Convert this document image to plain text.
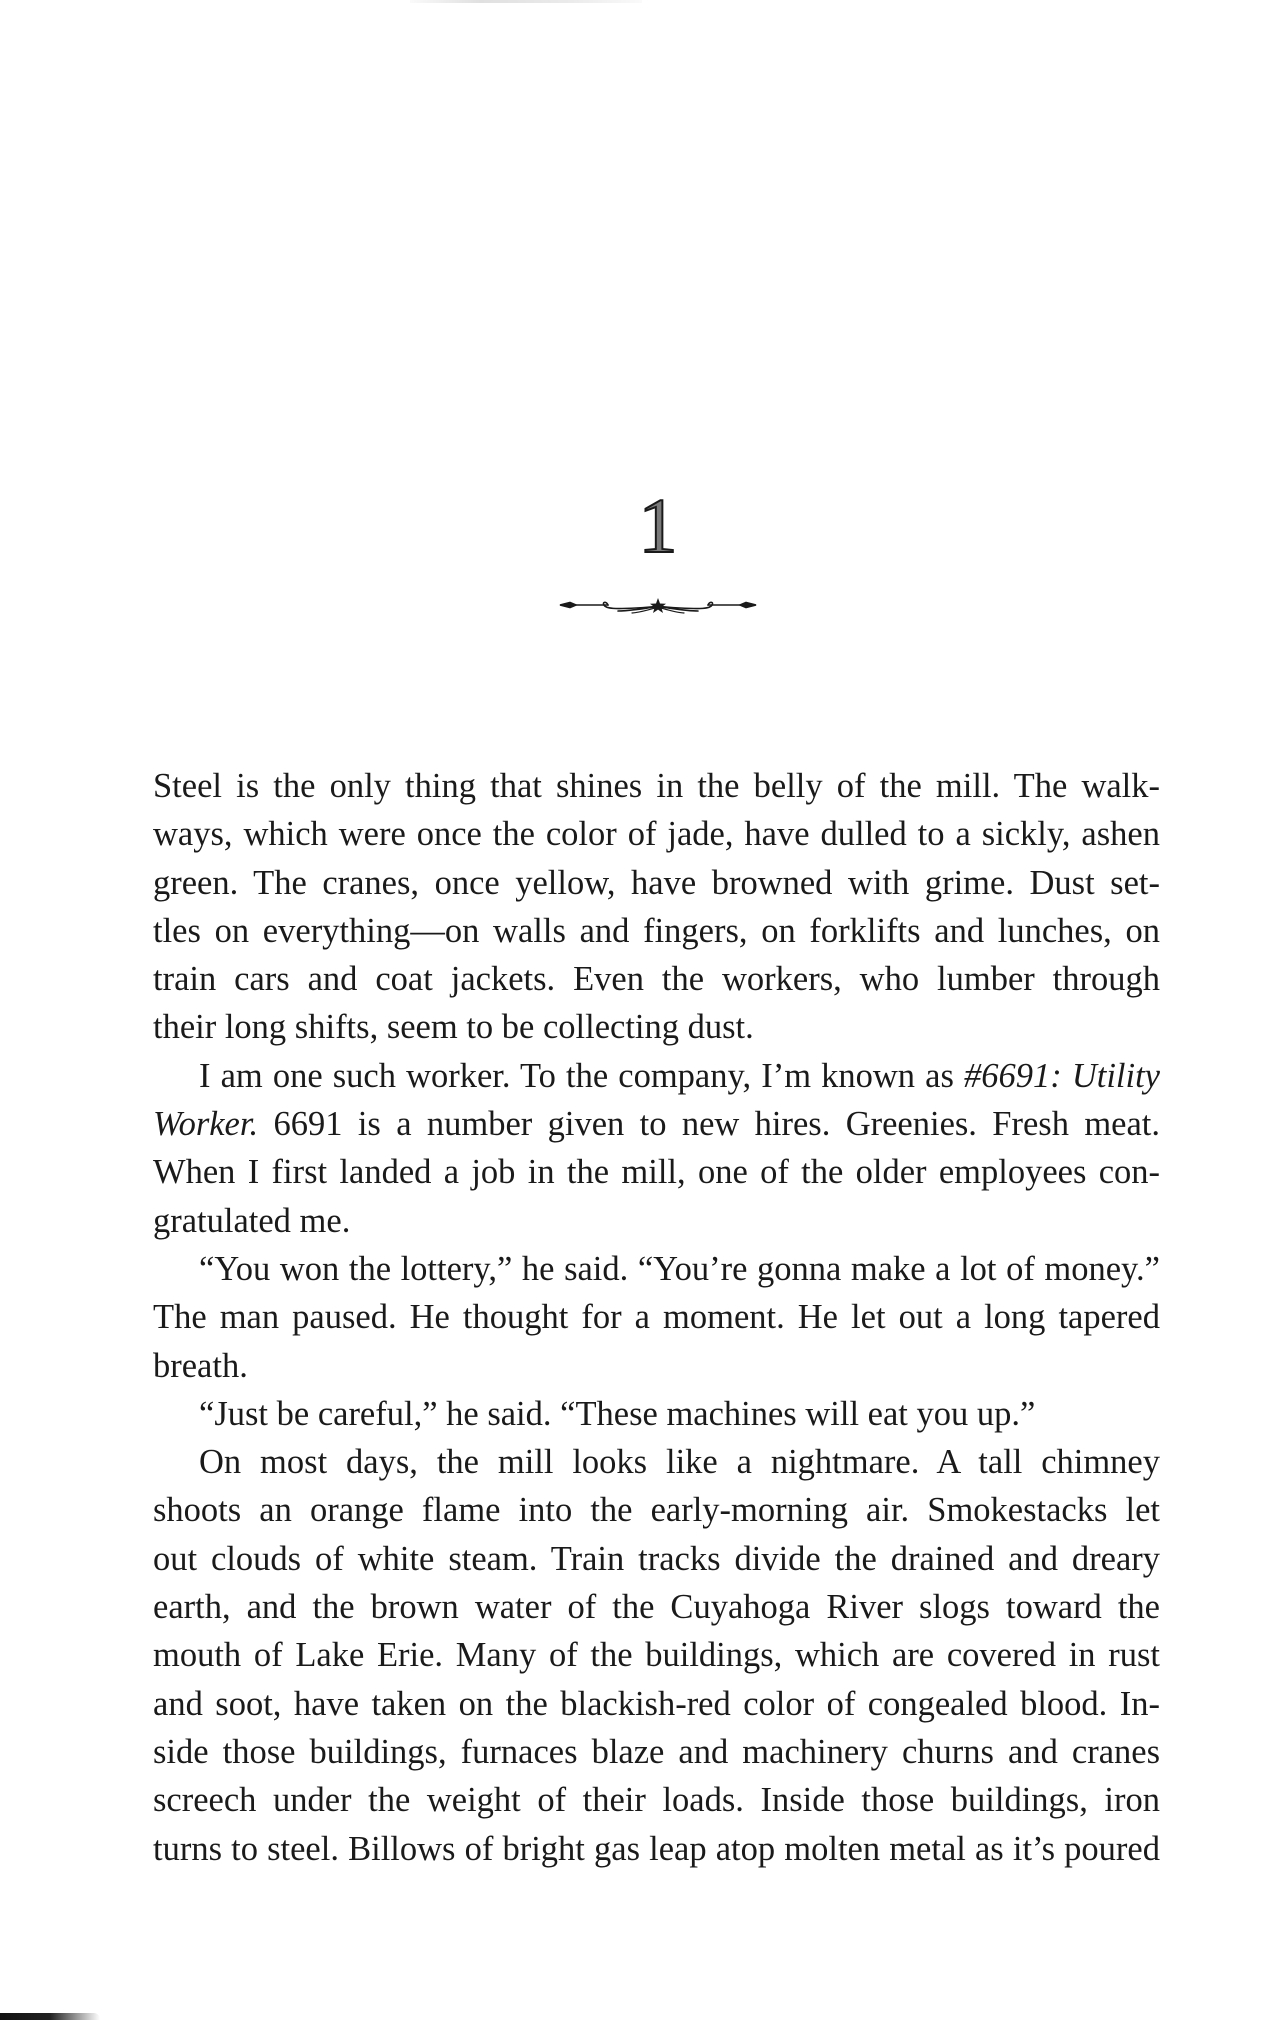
1
Steel is the only thing that shines in the belly of the mill. The walk-
ways, which were once the color of jade, have dulled to a sickly, ashen
green. The cranes, once yellow, have browned with grime. Dust set-
tles on everything—on walls and fingers, on forklifts and lunches, on
train cars and coat jackets. Even the workers, who lumber through
their long shifts, seem to be collecting dust.
I am one such worker. To the company, I’m known as #6691: Utility
Worker. 6691 is a number given to new hires. Greenies. Fresh meat.
When I first landed a job in the mill, one of the older employees con-
gratulated me.
“You won the lottery,” he said. “You’re gonna make a lot of money.”
The man paused. He thought for a moment. He let out a long tapered
breath.
“Just be careful,” he said. “These machines will eat you up.”
On most days, the mill looks like a nightmare. A tall chimney
shoots an orange flame into the early-morning air. Smokestacks let
out clouds of white steam. Train tracks divide the drained and dreary
earth, and the brown water of the Cuyahoga River slogs toward the
mouth of Lake Erie. Many of the buildings, which are covered in rust
and soot, have taken on the blackish-red color of congealed blood. In-
side those buildings, furnaces blaze and machinery churns and cranes
screech under the weight of their loads. Inside those buildings, iron
turns to steel. Billows of bright gas leap atop molten metal as it’s poured
